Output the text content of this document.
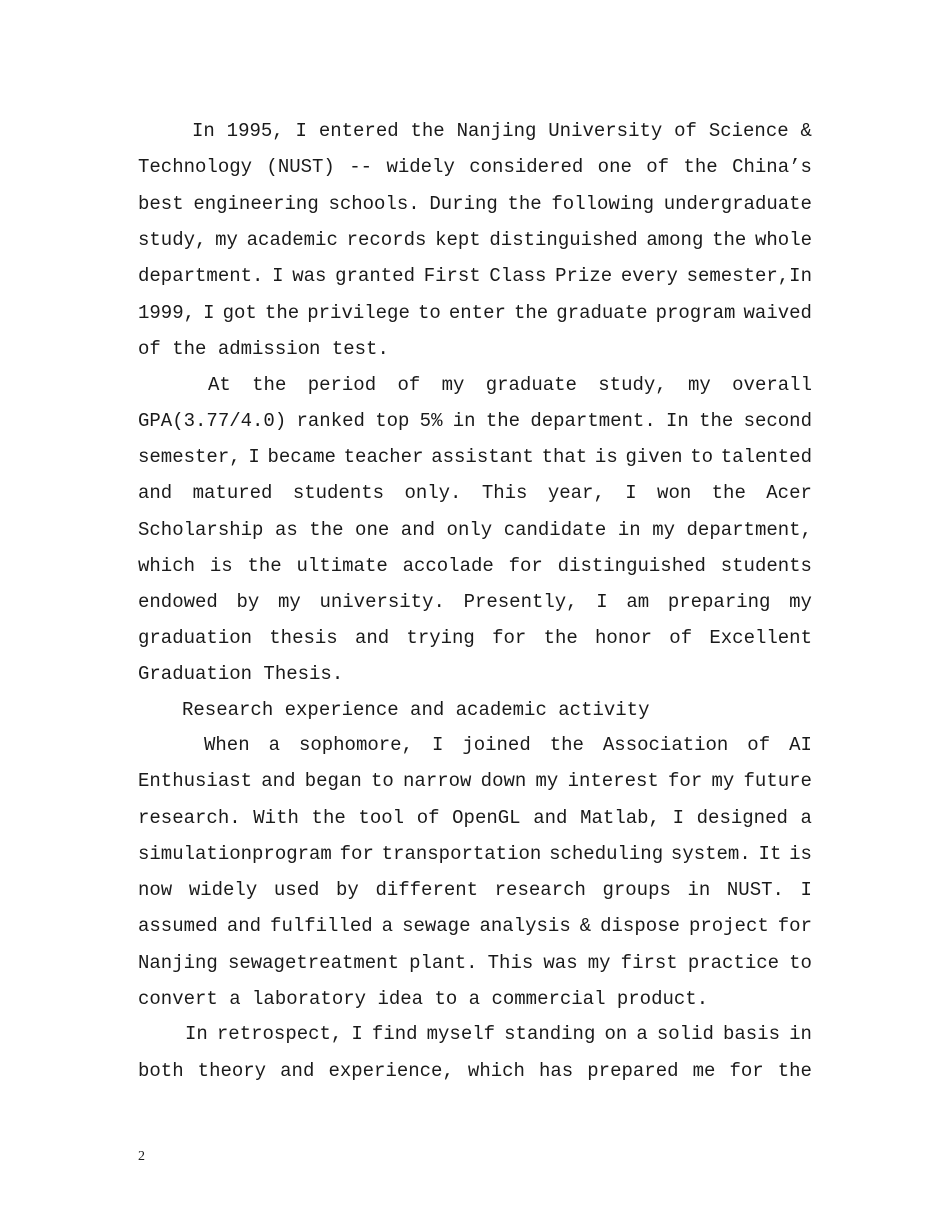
In 1995, I entered the Nanjing University of Science &
Technology (NUST) -- widely considered one of the China’s
best engineering schools. During the following undergraduate
study, my academic records kept distinguished among the whole
department. I was granted First Class Prize every semester,In
1999, I got the privilege to enter the graduate program waived
of the admission test.
At the period of my graduate study, my overall
GPA(3.77/4.0) ranked top 5% in the department. In the second
semester, I became teacher assistant that is given to talented
and matured students only. This year, I won the Acer
Scholarship as the one and only candidate in my department,
which is the ultimate accolade for distinguished students
endowed by my university. Presently, I am preparing my
graduation thesis and trying for the honor of Excellent
Graduation Thesis.
Research experience and academic activity
When a sophomore, I joined the Association of AI
Enthusiast and began to narrow down my interest for my future
research. With the tool of OpenGL and Matlab, I designed a
simulationprogram for transportation scheduling system. It is
now widely used by different research groups in NUST. I
assumed and fulfilled a sewage analysis & dispose project for
Nanjing sewagetreatment plant. This was my first practice to
convert a laboratory idea to a commercial product.
In retrospect, I find myself standing on a solid basis in
both theory and experience, which has prepared me for the
2
